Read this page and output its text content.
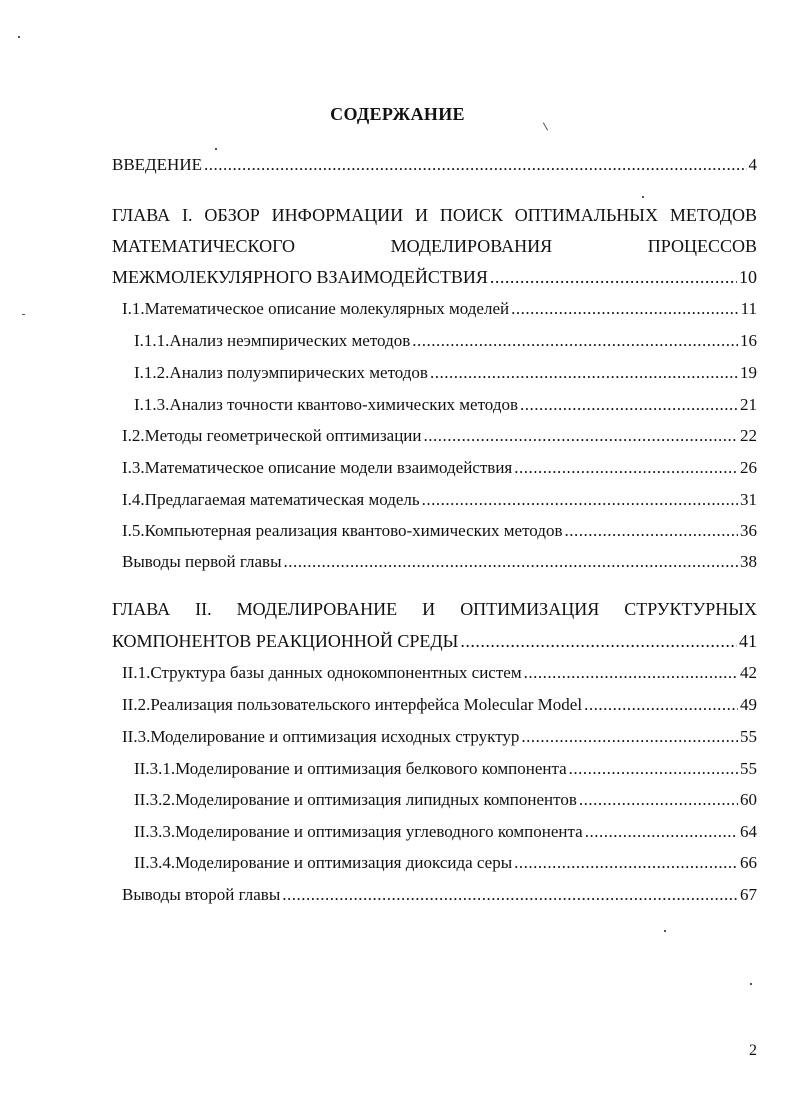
СОДЕРЖАНИЕ
ВВЕДЕНИЕ .....	4
ГЛАВА I. ОБЗОР ИНФОРМАЦИИ И ПОИСК ОПТИМАЛЬНЫХ МЕТОДОВ
МАТЕМАТИЧЕСКОГО МОДЕЛИРОВАНИЯ ПРОЦЕССОВ
МЕЖМОЛЕКУЛЯРНОГО ВЗАИМОДЕЙСТВИЯ .....	10
I.1. Математическое описание молекулярных моделей .....	11
I.1.1. Анализ неэмпирических методов .....	16
I.1.2. Анализ полуэмпирических методов .....	19
I.1.3. Анализ точности квантово-химических методов .....	21
I.2. Методы геометрической оптимизации .....	22
I.3. Математическое описание модели взаимодействия .....	26
I.4. Предлагаемая математическая модель .....	31
I.5. Компьютерная реализация квантово-химических методов .....	36
Выводы первой главы .....	38
ГЛАВА II. МОДЕЛИРОВАНИЕ И ОПТИМИЗАЦИЯ СТРУКТУРНЫХ
КОМПОНЕНТОВ РЕАКЦИОННОЙ СРЕДЫ .....	41
II.1. Структура базы данных однокомпонентных систем .....	42
II.2. Реализация пользовательского интерфейса Molecular Model .....	49
II.3. Моделирование и оптимизация исходных структур .....	55
II.3.1. Моделирование и оптимизация белкового компонента .....	55
II.3.2. Моделирование и оптимизация липидных компонентов .....	60
II.3.3. Моделирование и оптимизация углеводного компонента .....	64
II.3.4. Моделирование и оптимизация диоксида серы .....	66
Выводы второй главы .....	67
2
